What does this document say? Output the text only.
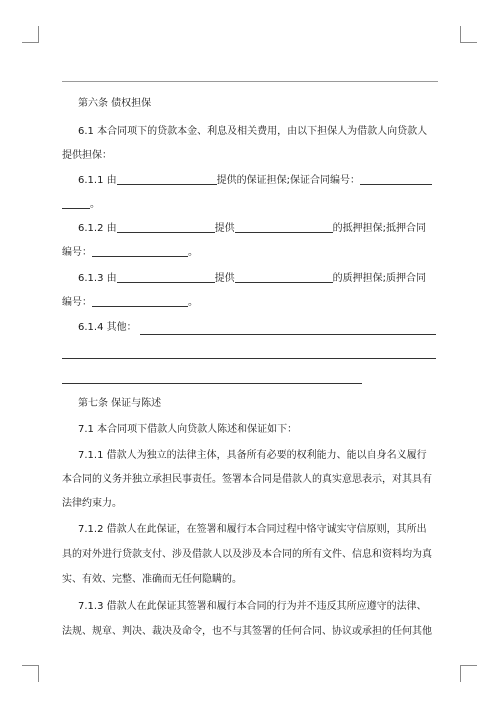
第六条 债权担保
6.1 本合同项下的贷款本金、利息及相关费用，由以下担保人为借款人向贷款人
提供担保：
6.1.1 由	提供的保证担保;保证合同编号：
。
6.1.2 由	提供	的抵押担保;抵押合同
编号：	。
6.1.3 由	提供	的质押担保;质押合同
编号：	。
6.1.4 其他：
第七条 保证与陈述
7.1 本合同项下借款人向贷款人陈述和保证如下：
7.1.1 借款人为独立的法律主体，具备所有必要的权利能力、能以自身名义履行
本合同的义务并独立承担民事责任。签署本合同是借款人的真实意思表示，对其具有
法律约束力。
7.1.2 借款人在此保证，在签署和履行本合同过程中恪守诚实守信原则，其所出
具的对外进行贷款支付、涉及借款人以及涉及本合同的所有文件、信息和资料均为真
实、有效、完整、准确而无任何隐瞒的。
7.1.3 借款人在此保证其签署和履行本合同的行为并不违反其所应遵守的法律、
法规、规章、判决、裁决及命令，也不与其签署的任何合同、协议或承担的任何其他
